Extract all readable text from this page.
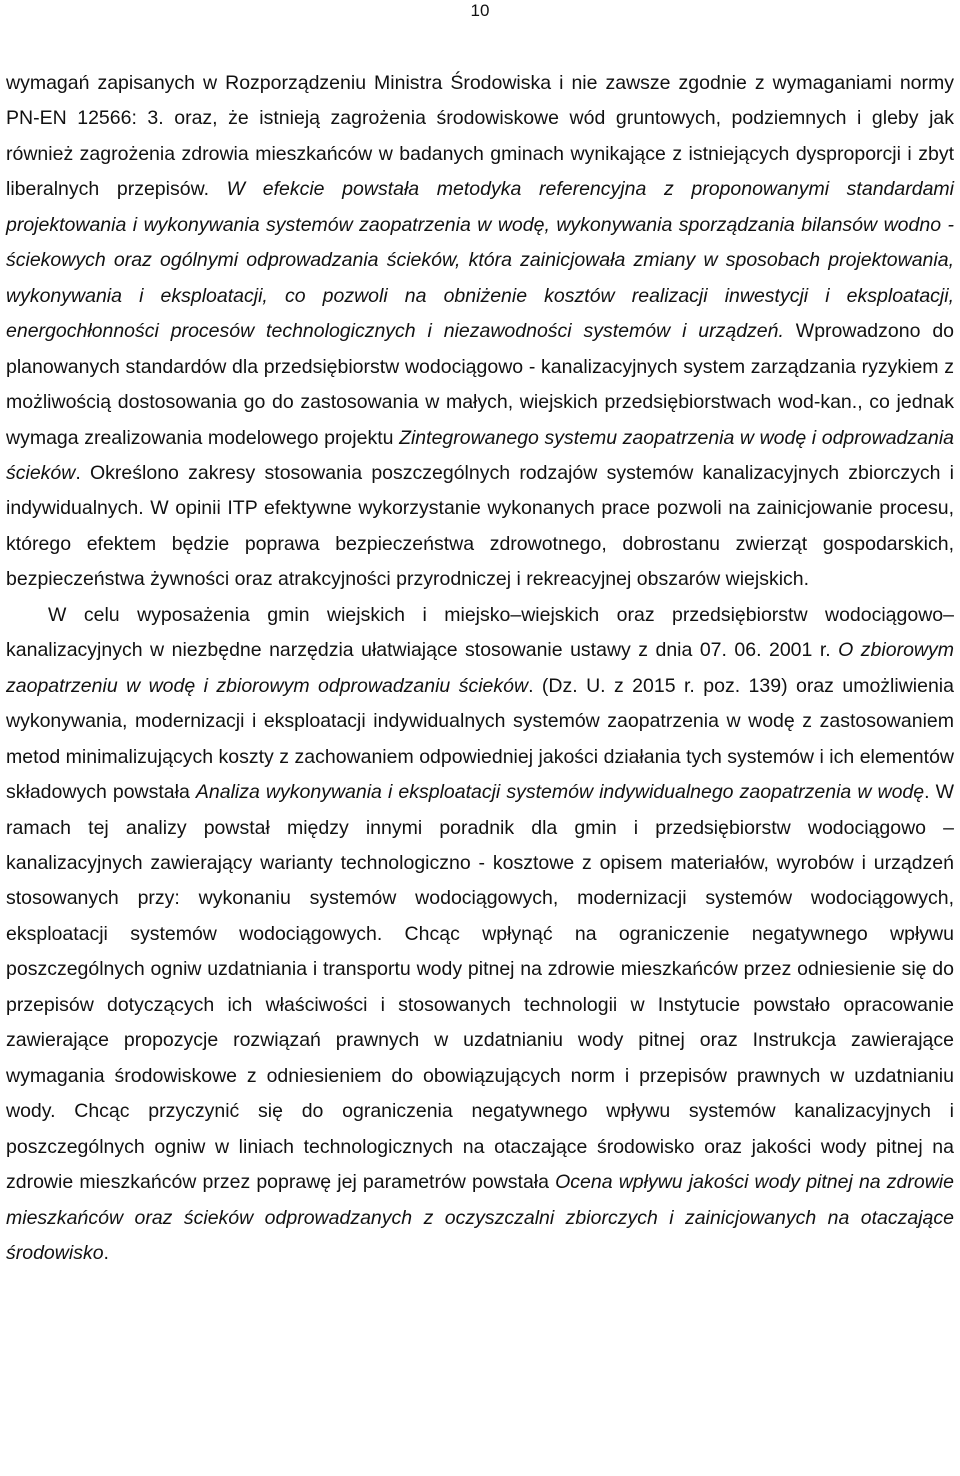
10

wymagań zapisanych w Rozporządzeniu Ministra Środowiska i nie zawsze zgodnie z wymaganiami normy PN-EN 12566: 3. oraz, że istnieją zagrożenia środowiskowe wód gruntowych, podziemnych i gleby jak również zagrożenia zdrowia mieszkańców w badanych gminach wynikające z istniejących dysproporcji i zbyt liberalnych przepisów. W efekcie powstała metodyka referencyjna z proponowanymi standardami projektowania i wykonywania systemów zaopatrzenia w wodę, wykonywania sporządzania bilansów wodno - ściekowych oraz ogólnymi odprowadzania ścieków, która zainicjowała zmiany w sposobach projektowania, wykonywania i eksploatacji, co pozwoli na obniżenie kosztów realizacji inwestycji i eksploatacji, energochłonności procesów technologicznych i niezawodności systemów i urządzeń. Wprowadzono do planowanych standardów dla przedsiębiorstw wodociągowo - kanalizacyjnych system zarządzania ryzykiem z możliwością dostosowania go do zastosowania w małych, wiejskich przedsiębiorstwach wod-kan., co jednak wymaga zrealizowania modelowego projektu Zintegrowanego systemu zaopatrzenia w wodę i odprowadzania ścieków. Określono zakresy stosowania poszczególnych rodzajów systemów kanalizacyjnych zbiorczych i indywidualnych. W opinii ITP efektywne wykorzystanie wykonanych prace pozwoli na zainicjowanie procesu, którego efektem będzie poprawa bezpieczeństwa zdrowotnego, dobrostanu zwierząt gospodarskich, bezpieczeństwa żywności oraz atrakcyjności przyrodniczej i rekreacyjnej obszarów wiejskich.

W celu wyposażenia gmin wiejskich i miejsko–wiejskich oraz przedsiębiorstw wodociągowo–kanalizacyjnych w niezbędne narzędzia ułatwiające stosowanie ustawy z dnia 07. 06. 2001 r. O zbiorowym zaopatrzeniu w wodę i zbiorowym odprowadzaniu ścieków. (Dz. U. z 2015 r. poz. 139) oraz umożliwienia wykonywania, modernizacji i eksploatacji indywidualnych systemów zaopatrzenia w wodę z zastosowaniem metod minimalizujących koszty z zachowaniem odpowiedniej jakości działania tych systemów i ich elementów składowych powstała Analiza wykonywania i eksploatacji systemów indywidualnego zaopatrzenia w wodę. W ramach tej analizy powstał między innymi poradnik dla gmin i przedsiębiorstw wodociągowo – kanalizacyjnych zawierający warianty technologiczno - kosztowe z opisem materiałów, wyrobów i urządzeń stosowanych przy: wykonaniu systemów wodociągowych, modernizacji systemów wodociągowych, eksploatacji systemów wodociągowych. Chcąc wpłynąć na ograniczenie negatywnego wpływu poszczególnych ogniw uzdatniania i transportu wody pitnej na zdrowie mieszkańców przez odniesienie się do przepisów dotyczących ich właściwości i stosowanych technologii w Instytucie powstało opracowanie zawierające propozycje rozwiązań prawnych w uzdatnianiu wody pitnej oraz Instrukcja zawierające wymagania środowiskowe z odniesieniem do obowiązujących norm i przepisów prawnych w uzdatnianiu wody. Chcąc przyczynić się do ograniczenia negatywnego wpływu systemów kanalizacyjnych i poszczególnych ogniw w liniach technologicznych na otaczające środowisko oraz jakości wody pitnej na zdrowie mieszkańców przez poprawę jej parametrów powstała Ocena wpływu jakości wody pitnej na zdrowie mieszkańców oraz ścieków odprowadzanych z oczyszczalni zbiorczych i zainicjowanych na otaczające środowisko.
